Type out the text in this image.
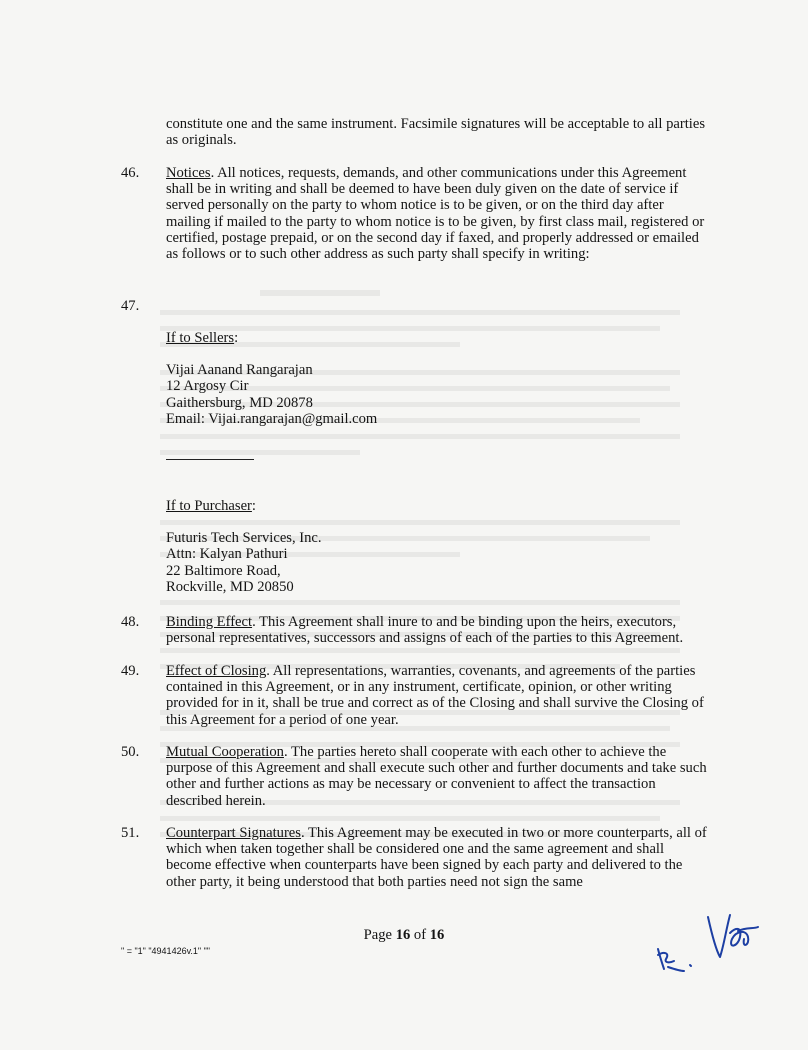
constitute one and the same instrument. Facsimile signatures will be acceptable to all parties as originals.
46. Notices. All notices, requests, demands, and other communications under this Agreement shall be in writing and shall be deemed to have been duly given on the date of service if served personally on the party to whom notice is to be given, or on the third day after mailing if mailed to the party to whom notice is to be given, by first class mail, registered or certified, postage prepaid, or on the second day if faxed, and properly addressed or emailed as follows or to such other address as such party shall specify in writing:
47.
If to Sellers:
Vijai Aanand Rangarajan
12 Argosy Cir
Gaithersburg, MD 20878
Email: Vijai.rangarajan@gmail.com
If to Purchaser:
Futuris Tech Services, Inc.
Attn: Kalyan Pathuri
22 Baltimore Road,
Rockville, MD 20850
48. Binding Effect. This Agreement shall inure to and be binding upon the heirs, executors, personal representatives, successors and assigns of each of the parties to this Agreement.
49. Effect of Closing. All representations, warranties, covenants, and agreements of the parties contained in this Agreement, or in any instrument, certificate, opinion, or other writing provided for in it, shall be true and correct as of the Closing and shall survive the Closing of this Agreement for a period of one year.
50. Mutual Cooperation. The parties hereto shall cooperate with each other to achieve the purpose of this Agreement and shall execute such other and further documents and take such other and further actions as may be necessary or convenient to affect the transaction described herein.
51. Counterpart Signatures. This Agreement may be executed in two or more counterparts, all of which when taken together shall be considered one and the same agreement and shall become effective when counterparts have been signed by each party and delivered to the other party, it being understood that both parties need not sign the same
Page 16 of 16
" = "1" "4941426v.1" ""
